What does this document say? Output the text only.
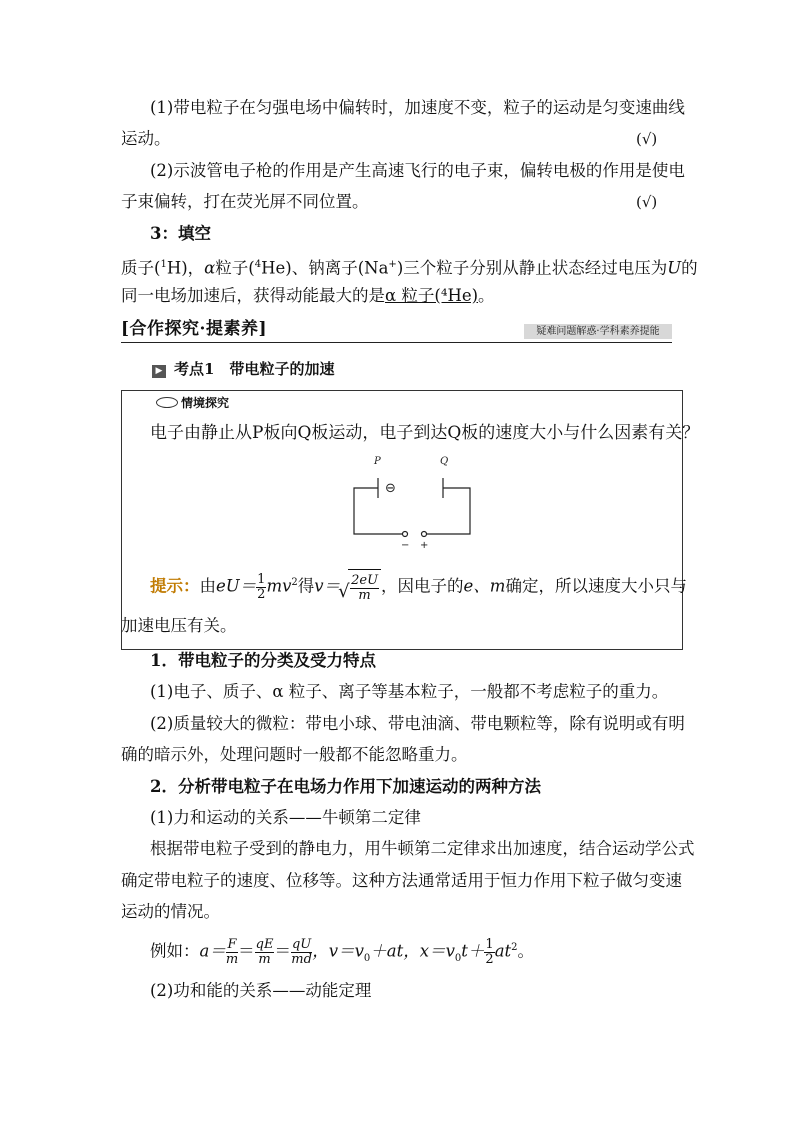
(1)带电粒子在匀强电场中偏转时，加速度不变，粒子的运动是匀变速曲线
运动。	(√)
(2)示波管电子枪的作用是产生高速飞行的电子束，偏转电极的作用是使电
子束偏转，打在荧光屏不同位置。	(√)
3：填空
质子($^1$H)，α粒子($^4$He)、钠离子(Na+)三个粒子分别从静止状态经过电压为U的
同一电场加速后，获得动能最大的是α 粒子(⁴He)。
[合作探究·提素养]	疑难问题解惑·学科素养提能
▶ 考点1　带电粒子的加速
情境探究
电子由静止从P板向Q板运动，电子到达Q板的速度大小与什么因素有关？
P	Q
⊖
− +
提示：由$eU= \frac{1}{2} mv^2$得v＝
√ $\frac{2eU}{m}$ ，因电子的e、m确定，所以速度大小只与
加速电压有关。
1．带电粒子的分类及受力特点
(1)电子、质子、α 粒子、离子等基本粒子，一般都不考虑粒子的重力。
(2)质量较大的微粒：带电小球、带电油滴、带电颗粒等，除有说明或有明
确的暗示外，处理问题时一般都不能忽略重力。
2．分析带电粒子在电场力作用下加速运动的两种方法
(1)力和运动的关系——牛顿第二定律
根据带电粒子受到的静电力，用牛顿第二定律求出加速度，结合运动学公式
确定带电粒子的速度、位移等。这种方法通常适用于恒力作用下粒子做匀变速
运动的情况。
例如：$a= \frac{F}{m} = \frac{qE}{m} = \frac{qU}{md}$ ，$v=v_0+at$，$x=v_0t+ \frac{1}{2} at^2$。
(2)功和能的关系——动能定理
